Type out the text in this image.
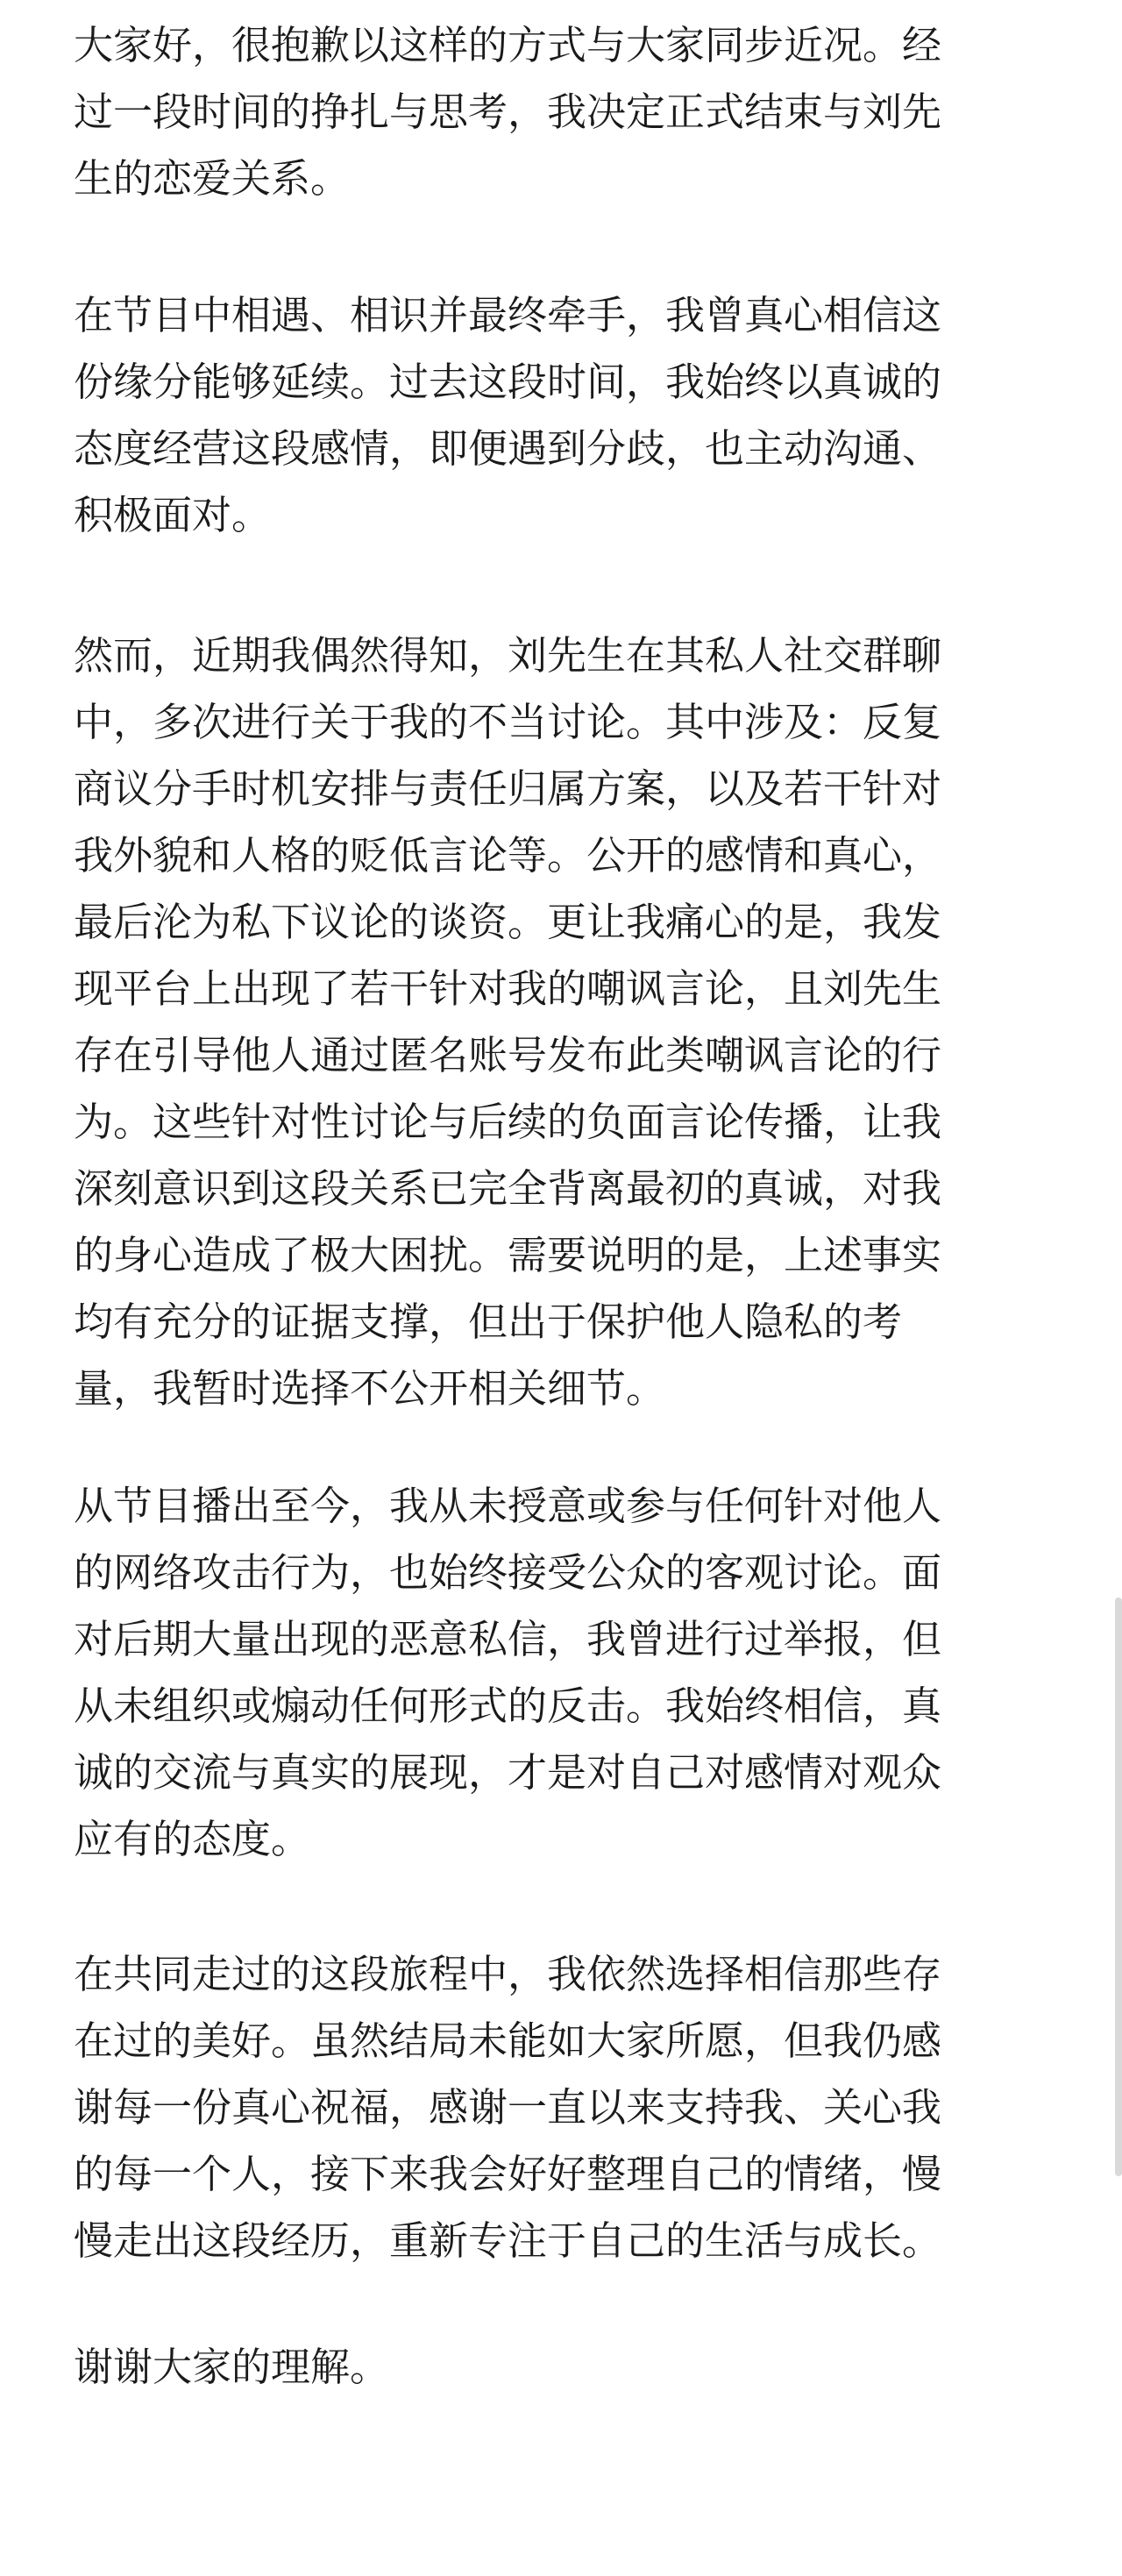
大家好，很抱歉以这样的方式与大家同步近况。经
过一段时间的挣扎与思考，我决定正式结束与刘先
生的恋爱关系。
在节目中相遇、相识并最终牵手，我曾真心相信这
份缘分能够延续。过去这段时间，我始终以真诚的
态度经营这段感情，即便遇到分歧，也主动沟通、
积极面对。
然而，近期我偶然得知，刘先生在其私人社交群聊
中，多次进行关于我的不当讨论。其中涉及：反复
商议分手时机安排与责任归属方案，以及若干针对
我外貌和人格的贬低言论等。公开的感情和真心，
最后沦为私下议论的谈资。更让我痛心的是，我发
现平台上出现了若干针对我的嘲讽言论，且刘先生
存在引导他人通过匿名账号发布此类嘲讽言论的行
为。这些针对性讨论与后续的负面言论传播，让我
深刻意识到这段关系已完全背离最初的真诚，对我
的身心造成了极大困扰。需要说明的是，上述事实
均有充分的证据支撑，但出于保护他人隐私的考
量，我暂时选择不公开相关细节。
从节目播出至今，我从未授意或参与任何针对他人
的网络攻击行为，也始终接受公众的客观讨论。面
对后期大量出现的恶意私信，我曾进行过举报，但
从未组织或煽动任何形式的反击。我始终相信，真
诚的交流与真实的展现，才是对自己对感情对观众
应有的态度。
在共同走过的这段旅程中，我依然选择相信那些存
在过的美好。虽然结局未能如大家所愿，但我仍感
谢每一份真心祝福，感谢一直以来支持我、关心我
的每一个人，接下来我会好好整理自己的情绪，慢
慢走出这段经历，重新专注于自己的生活与成长。
谢谢大家的理解。
